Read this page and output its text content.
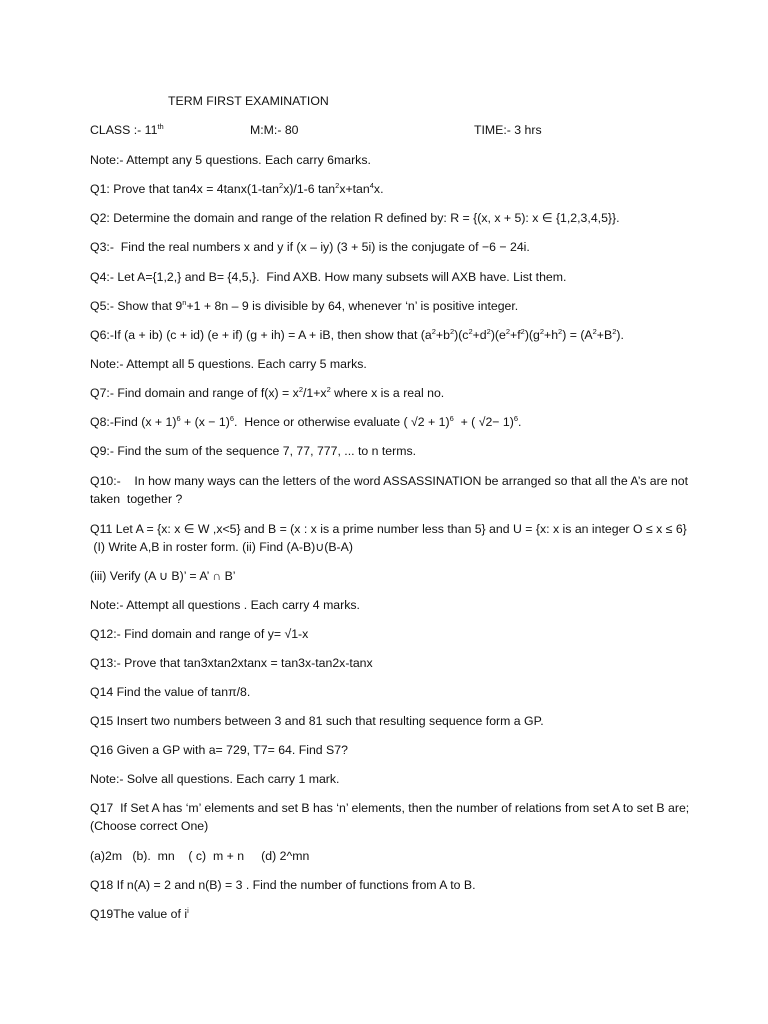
TERM FIRST EXAMINATION
CLASS :- 11th	M:M:- 80	TIME:- 3 hrs
Note:- Attempt any 5 questions. Each carry 6marks.
Q1: Prove that $\tan 4x = 4\tan x(1-\tan^2x)/1-6$ $\tan^2x+\tan^4x$.
Q2: Determine the domain and range of the relation R defined by: R = {(x, x + 5): x ∈ {1,2,3,4,5}}.
Q3:-  Find the real numbers x and y if (x – iy) (3 + 5i) is the conjugate of −6 − 24i.
Q4:- Let A={1,2,} and B= {4,5,}.  Find AXB. How many subsets will AXB have. List them.
Q5:- Show that $9^n+1 + 8n - 9$ is divisible by 64, whenever ‘n’ is positive integer.
Q6:-If (a + ib) (c + id) (e + if) (g + ih) = A + iB, then show that $(a^2+b^2)(c^2+d^2)(e^2+f^2)(g^2+h^2) = (A^2+B^2)$.
Note:- Attempt all 5 questions. Each carry 5 marks.
Q7:- Find domain and range of $f(x) = x^2/1+x^2$ where x is a real no.
Q8:-Find $(x + 1)^6 + (x - 1)^6$.  Hence or otherwise evaluate ( √2 + 1)$^6$  + ( √2− 1)$^6$.
Q9:- Find the sum of the sequence 7, 77, 777, ... to n terms.
Q10:-    In how many ways can the letters of the word ASSASSINATION be arranged so that all the A’s are not taken  together ?
Q11 Let A = {x: x ∈ W ,x<5} and B = (x : x is a prime number less than 5} and U = {x: x is an integer O ≤ x ≤ 6}  (I) Write A,B in roster form. (ii) Find (A-B)∪(B-A)
(iii) Verify (A ∪ B)’ = A’ ∩ B’
Note:- Attempt all questions . Each carry 4 marks.
Q12:- Find domain and range of y= √1-x
Q13:- Prove that tan3xtan2xtanx = tan3x-tan2x-tanx
Q14 Find the value of tanπ/8.
Q15 Insert two numbers between 3 and 81 such that resulting sequence form a GP.
Q16 Given a GP with a= 729, T7= 64. Find S7?
Note:- Solve all questions. Each carry 1 mark.
Q17  If Set A has ‘m’ elements and set B has ‘n’ elements, then the number of relations from set A to set B are; (Choose correct One)
(a)2m   (b).  mn    ( c)  m + n     (d) 2^mn
Q18 If n(A) = 2 and n(B) = 3 . Find the number of functions from A to B.
Q19The value of $i^i$
